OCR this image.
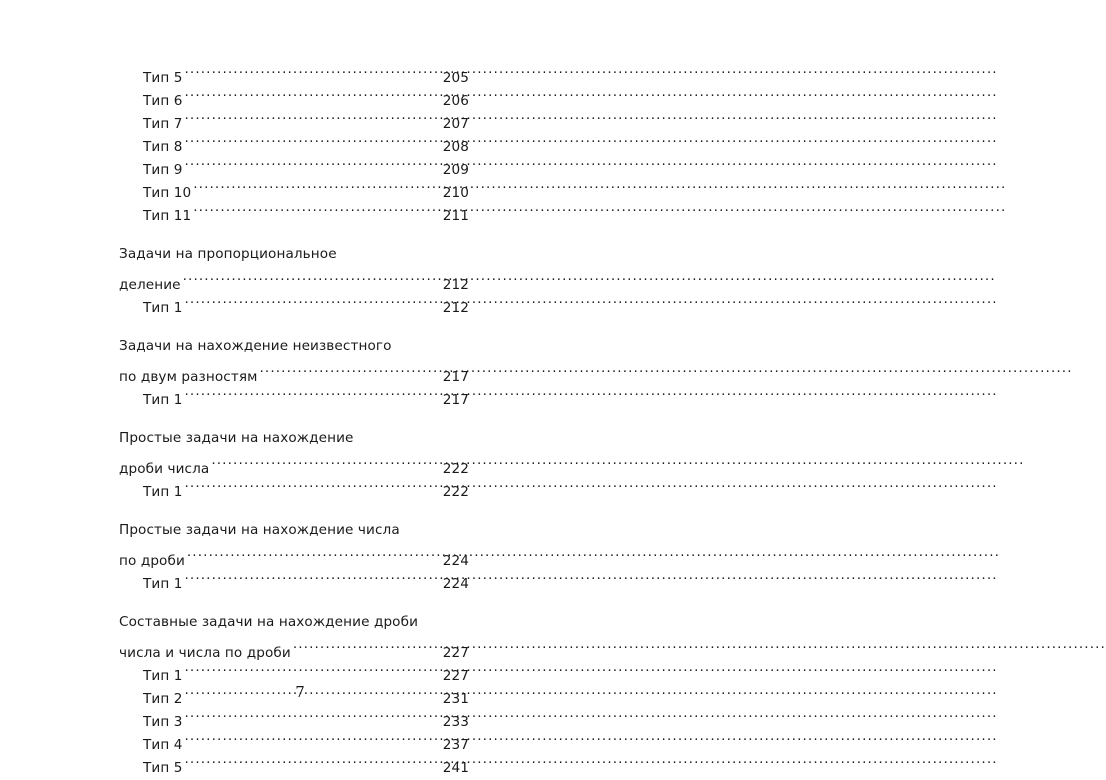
Тип 5 .....	205
Тип 6 .....	206
Тип 7 .....	207
Тип 8 .....	208
Тип 9 .....	209
Тип 10 .....	210
Тип 11 .....	211
Задачи на пропорциональное
деление .....	212
Тип 1 .....	212
Задачи на нахождение неизвестного
по двум разностям .....	217
Тип 1 .....	217
Простые задачи на нахождение
дроби числа .....	222
Тип 1 .....	222
Простые задачи на нахождение числа
по дроби .....	224
Тип 1 .....	224
Составные задачи на нахождение дроби
числа и числа по дроби .....	227
Тип 1 .....	227
Тип 2 .....	231
Тип 3 .....	233
Тип 4 .....	237
Тип 5 .....	241
7
